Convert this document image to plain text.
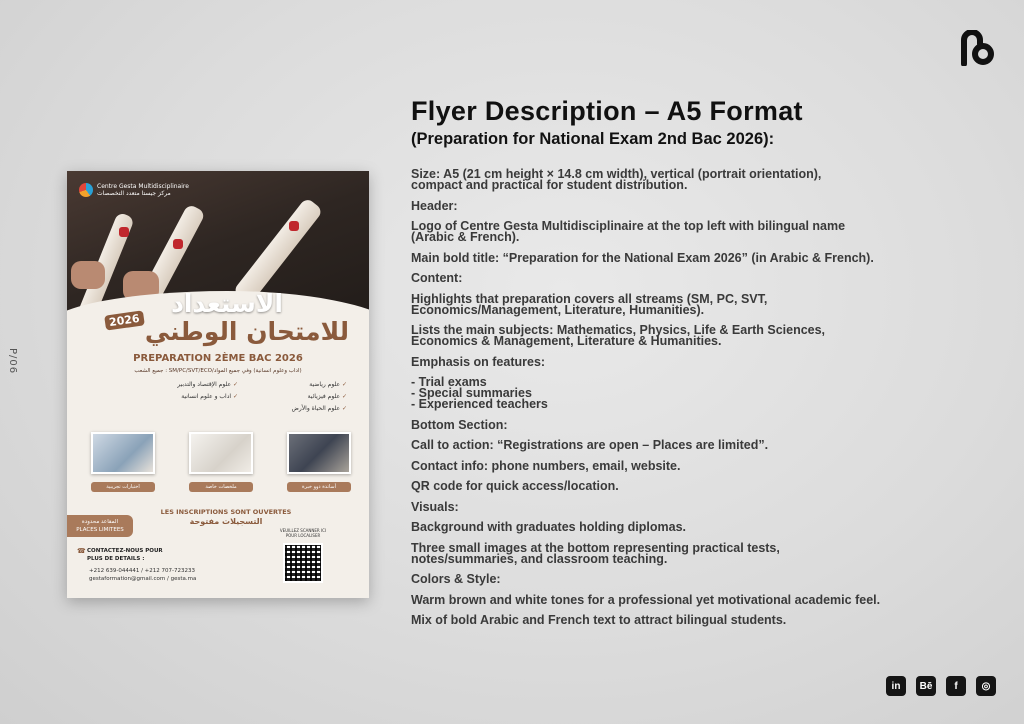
P/06
Centre Gesta Multidisciplinaire
مركز جيستا متعدد التخصصات
الاستعداد
2026 للامتحان الوطني
PREPARATION 2ÈME BAC 2026
جميع الشعب : SM/PC/SVT/ECO/اداب وعلوم انسانية) وفي جميع المواد)
علوم الإقتصاد والتدبير ✓	علوم رياضية ✓
اداب و علوم انسانية ✓	علوم فيزيائية ✓
علوم الحياة والأرض ✓
اختبارات تجريبية	ملخصات خاصة	أساتذة ذوو خبرة
LES INSCRIPTIONS SONT OUVERTES
التسجيلات مفتوحة
المقاعد محدودة
PLACES LIMITEES
☎ CONTACTEZ-NOUS POUR PLUS DE DETAILS :
+212 639-044441 / +212 707-723233
gestaformation@gmail.com / gesta.ma
VEUILLEZ SCANNER ICI POUR LOCALISER
Flyer Description – A5 Format
(Preparation for National Exam 2nd Bac 2026):
Size: A5 (21 cm height × 14.8 cm width), vertical (portrait orientation),
compact and practical for student distribution.
Header:
Logo of Centre Gesta Multidisciplinaire at the top left with bilingual name
(Arabic & French).
Main bold title: “Preparation for the National Exam 2026” (in Arabic & French).
Content:
Highlights that preparation covers all streams (SM, PC, SVT,
Economics/Management, Literature, Humanities).
Lists the main subjects: Mathematics, Physics, Life & Earth Sciences,
Economics & Management, Literature & Humanities.
Emphasis on features:
- Trial exams
- Special summaries
- Experienced teachers
Bottom Section:
Call to action: “Registrations are open – Places are limited”.
Contact info: phone numbers, email, website.
QR code for quick access/location.
Visuals:
Background with graduates holding diplomas.
Three small images at the bottom representing practical tests,
notes/summaries, and classroom teaching.
Colors & Style:
Warm brown and white tones for a professional yet motivational academic feel.
Mix of bold Arabic and French text to attract bilingual students.
in	Bē	f	◎
